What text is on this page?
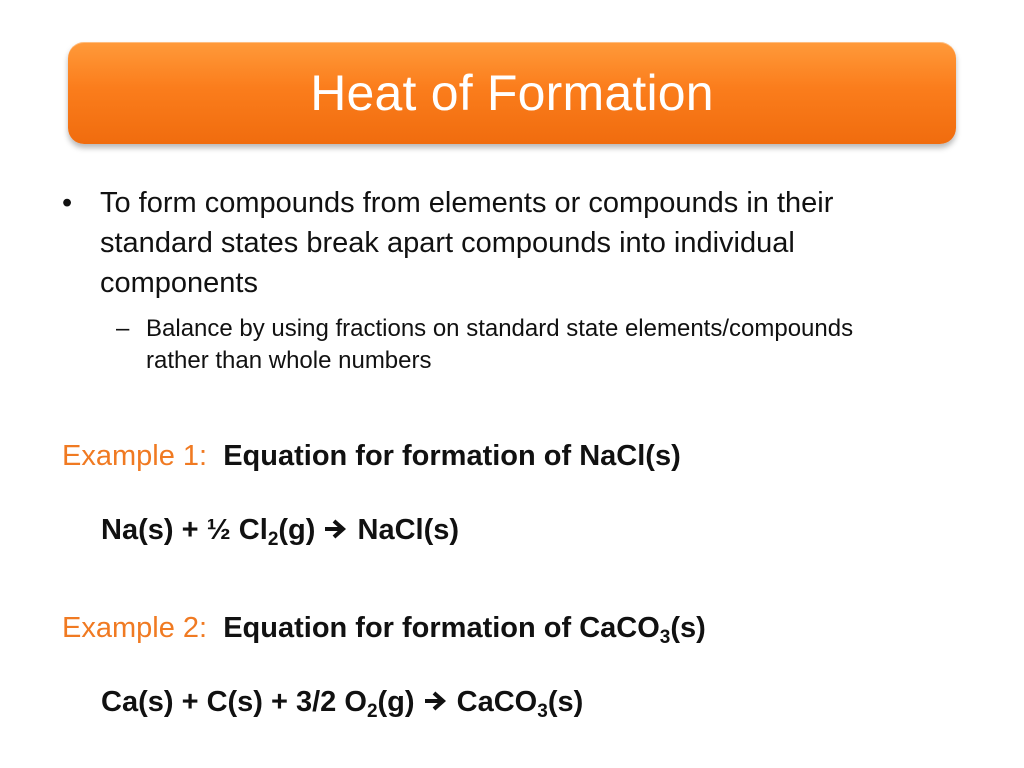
Heat of Formation
• To form compounds from elements or compounds in their standard states break apart compounds into individual components
– Balance by using fractions on standard state elements/compounds rather than whole numbers
Example 1: Equation for formation of NaCl(s)
Na(s) + ½ $Cl_2(g)$ NaCl(s)
Example 2: Equation for formation of CaCO$_3$(s)
Ca(s) + C(s) + 3/2 $O_2(g)$ CaCO$_3$(s)
